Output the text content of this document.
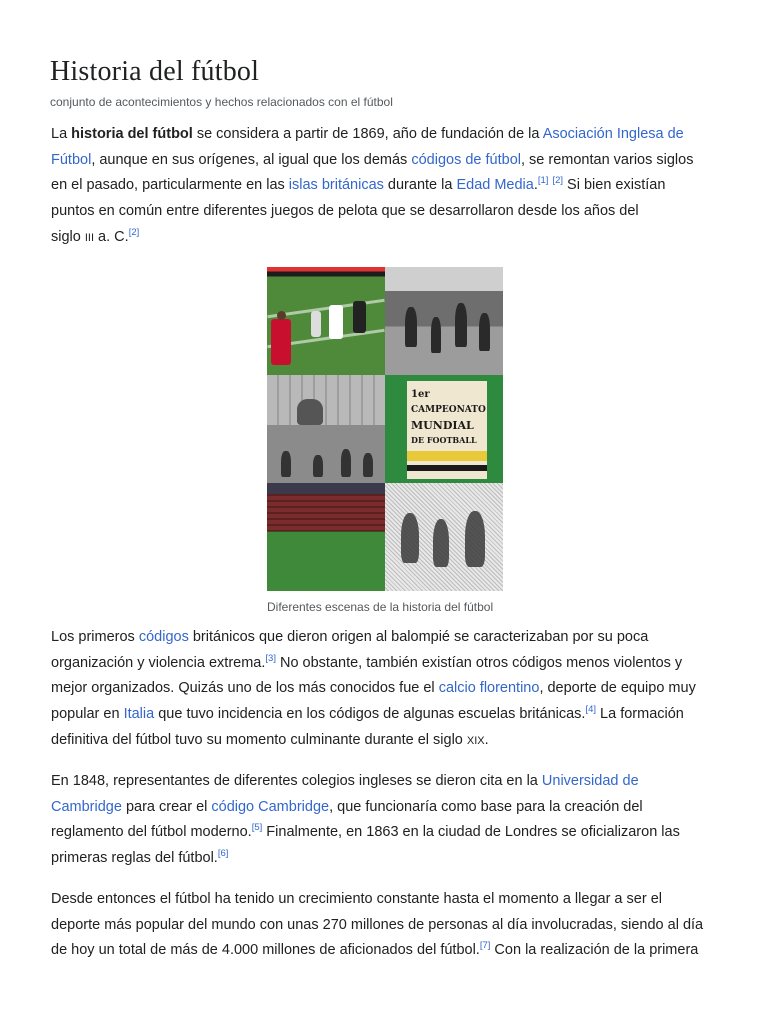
Historia del fútbol
conjunto de acontecimientos y hechos relacionados con el fútbol

La historia del fútbol se considera a partir de 1869, año de fundación de la Asociación Inglesa de

Fútbol, aunque en sus orígenes, al igual que los demás códigos de fútbol, se remontan varios siglos

en el pasado, particularmente en las islas británicas durante la Edad Media.[1] [2] Si bien existían

puntos en común entre diferentes juegos de pelota que se desarrollaron desde los años del

siglo III a. C.[2]

1er
CAMPEONATO
MUNDIAL
DE FOOTBALL
Diferentes escenas de la historia del fútbol

Los primeros códigos británicos que dieron origen al balompié se caracterizaban por su poca

organización y violencia extrema.[3] No obstante, también existían otros códigos menos violentos y

mejor organizados. Quizás uno de los más conocidos fue el calcio florentino, deporte de equipo muy

popular en Italia que tuvo incidencia en los códigos de algunas escuelas británicas.[4] La formación

definitiva del fútbol tuvo su momento culminante durante el siglo XIX.

En 1848, representantes de diferentes colegios ingleses se dieron cita en la Universidad de

Cambridge para crear el código Cambridge, que funcionaría como base para la creación del

reglamento del fútbol moderno.[5] Finalmente, en 1863 en la ciudad de Londres se oficializaron las

primeras reglas del fútbol.[6]

Desde entonces el fútbol ha tenido un crecimiento constante hasta el momento a llegar a ser el

deporte más popular del mundo con unas 270 millones de personas al día involucradas, siendo al día

de hoy un total de más de 4.000 millones de aficionados del fútbol.[7] Con la realización de la primera
